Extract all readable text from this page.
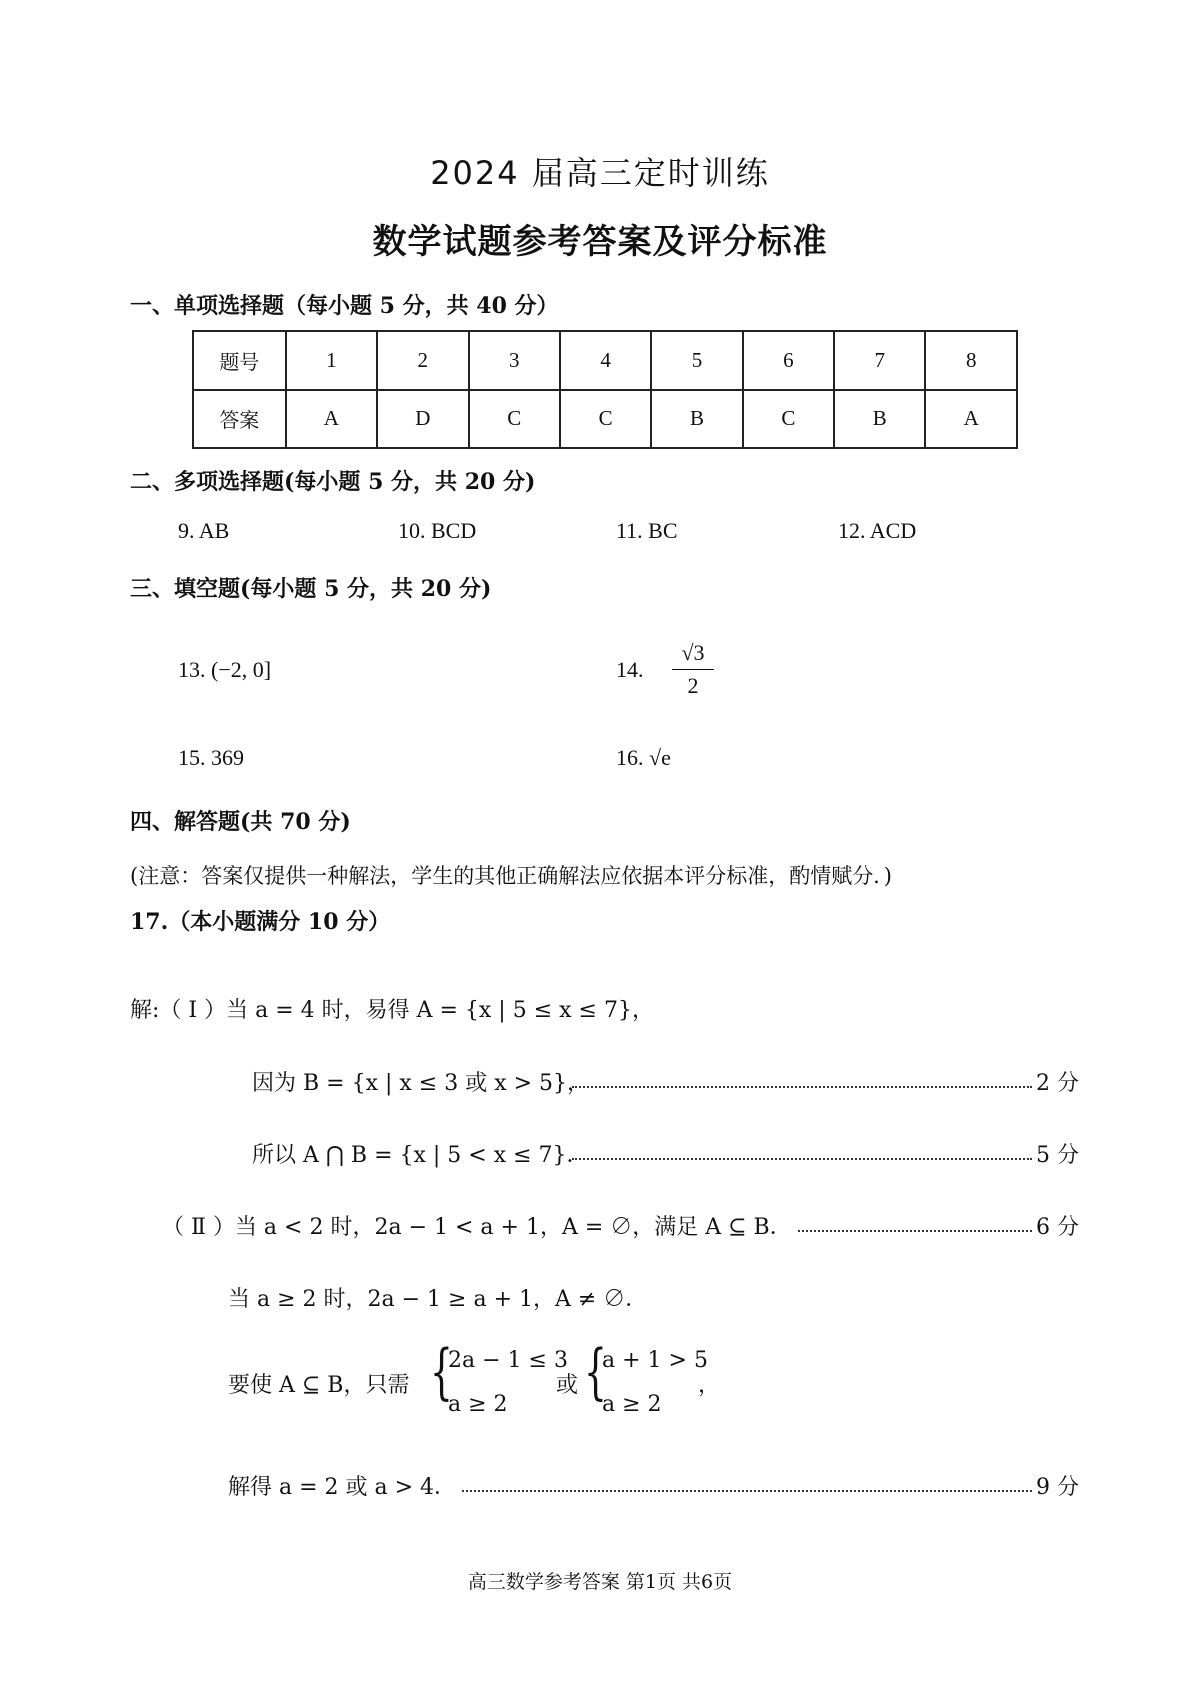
2024 届高三定时训练
数学试题参考答案及评分标准
一、单项选择题（每小题 5 分，共 40 分）
题号	1	2	3	4	5	6	7	8
答案	A	D	C	C	B	C	B	A
二、多项选择题(每小题 5 分，共 20 分)
9. AB	10. BCD	11. BC	12. ACD
三、填空题(每小题 5 分，共 20 分)
13. (−2, 0]	14.
√3
2
15. 369	16. √e
四、解答题(共 70 分)
(注意：答案仅提供一种解法，学生的其他正确解法应依据本评分标准，酌情赋分．)
17.（本小题满分 10 分）
解:（ Ⅰ ）当 a = 4 时，易得 A = {x | 5 ≤ x ≤ 7}，
因为 B = {x | x ≤ 3 或 x > 5}，	2 分
所以 A ⋂ B = {x | 5 < x ≤ 7}．	5 分
（ Ⅱ ）当 a < 2 时，2a − 1 < a + 1，A = ∅，满足 A ⊆ B．	6 分
当 a ≥ 2 时，2a − 1 ≥ a + 1，A ≠ ∅．
要使 A ⊆ B，只需 {
2a − 1 ≤ 3
a ≥ 2
或 {
a + 1 > 5
a ≥ 2
，
解得 a = 2 或 a > 4．	9 分
高三数学参考答案 第1页 共6页
